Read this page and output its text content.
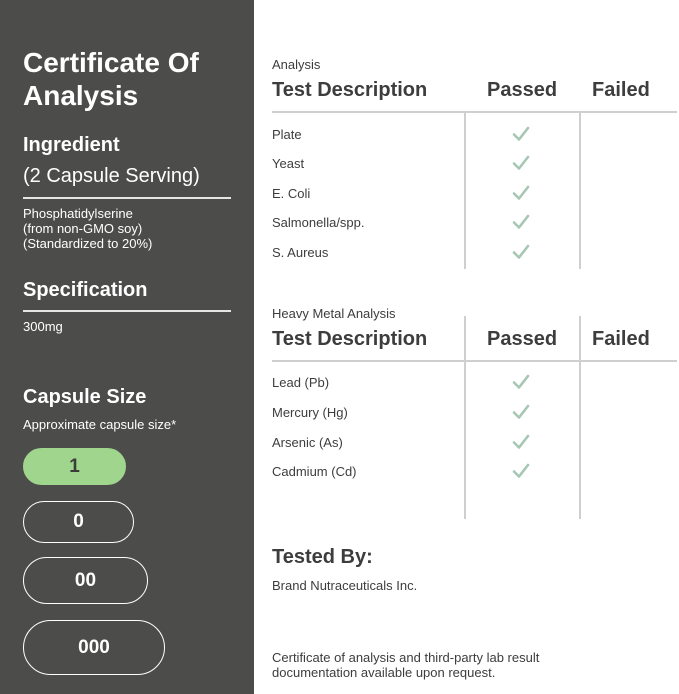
Certificate Of Analysis
Ingredient

(2 Capsule Serving)

Phosphatidylserine

(from non-GMO soy)

(Standardized to 20%)

Specification

300mg

Capsule Size

Approximate capsule size*

1
0
00
000

Analysis

Test Description	Passed Failed

Plate

Yeast

E. Coli

Salmonella/spp.

S. Aureus

Heavy Metal Analysis

Test Description	Passed Failed

Lead (Pb)

Mercury (Hg)

Arsenic (As)

Cadmium (Cd)

Tested By:

Brand Nutraceuticals Inc.

Certificate of analysis and third-party lab result documentation available upon request.
